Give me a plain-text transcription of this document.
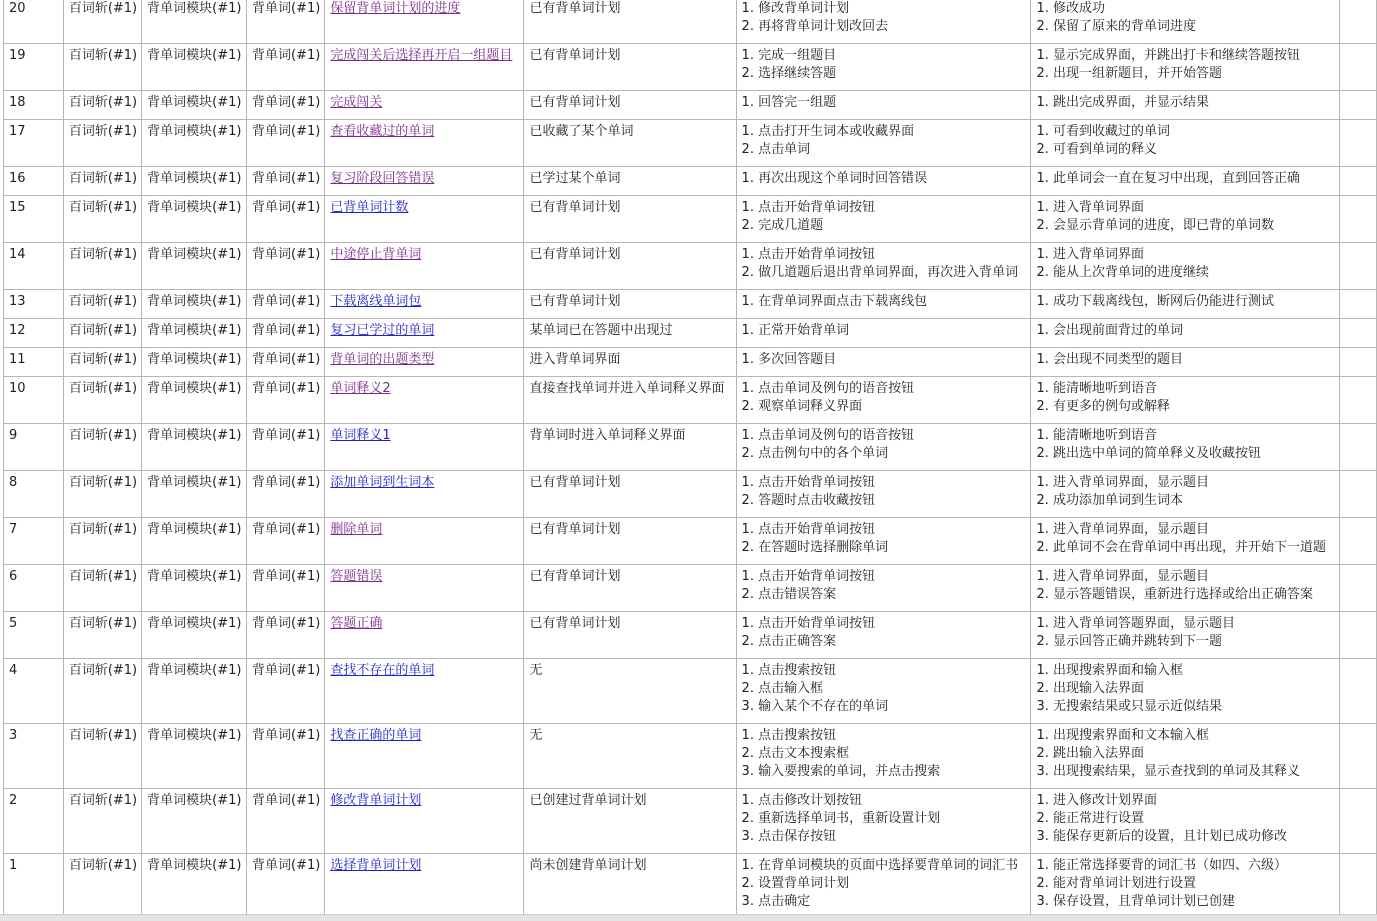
20	百词斩(#1)	背单词模块(#1)	背单词(#1)	保留背单词计划的进度	已有背单词计划	1. 修改背单词计划
2. 再将背单词计划改回去	1. 修改成功
2. 保留了原来的背单词进度	

19	百词斩(#1)	背单词模块(#1)	背单词(#1)	完成闯关后选择再开启一组题目	已有背单词计划	1. 完成一组题目
2. 选择继续答题	1. 显示完成界面，并跳出打卡和继续答题按钮
2. 出现一组新题目，并开始答题	

18	百词斩(#1)	背单词模块(#1)	背单词(#1)	完成闯关	已有背单词计划	1. 回答完一组题	1. 跳出完成界面，并显示结果	

17	百词斩(#1)	背单词模块(#1)	背单词(#1)	查看收藏过的单词	已收藏了某个单词	1. 点击打开生词本或收藏界面
2. 点击单词	1. 可看到收藏过的单词
2. 可看到单词的释义	

16	百词斩(#1)	背单词模块(#1)	背单词(#1)	复习阶段回答错误	已学过某个单词	1. 再次出现这个单词时回答错误	1. 此单词会一直在复习中出现，直到回答正确	

15	百词斩(#1)	背单词模块(#1)	背单词(#1)	已背单词计数	已有背单词计划	1. 点击开始背单词按钮
2. 完成几道题	1. 进入背单词界面
2. 会显示背单词的进度，即已背的单词数	

14	百词斩(#1)	背单词模块(#1)	背单词(#1)	中途停止背单词	已有背单词计划	1. 点击开始背单词按钮
2. 做几道题后退出背单词界面，再次进入背单词	1. 进入背单词界面
2. 能从上次背单词的进度继续	

13	百词斩(#1)	背单词模块(#1)	背单词(#1)	下载离线单词包	已有背单词计划	1. 在背单词界面点击下载离线包	1. 成功下载离线包，断网后仍能进行测试	

12	百词斩(#1)	背单词模块(#1)	背单词(#1)	复习已学过的单词	某单词已在答题中出现过	1. 正常开始背单词	1. 会出现前面背过的单词	

11	百词斩(#1)	背单词模块(#1)	背单词(#1)	背单词的出题类型	进入背单词界面	1. 多次回答题目	1. 会出现不同类型的题目	

10	百词斩(#1)	背单词模块(#1)	背单词(#1)	单词释义2	直接查找单词并进入单词释义界面	1. 点击单词及例句的语音按钮
2. 观察单词释义界面	1. 能清晰地听到语音
2. 有更多的例句或解释	

9	百词斩(#1)	背单词模块(#1)	背单词(#1)	单词释义1	背单词时进入单词释义界面	1. 点击单词及例句的语音按钮
2. 点击例句中的各个单词	1. 能清晰地听到语音
2. 跳出选中单词的简单释义及收藏按钮	

8	百词斩(#1)	背单词模块(#1)	背单词(#1)	添加单词到生词本	已有背单词计划	1. 点击开始背单词按钮
2. 答题时点击收藏按钮	1. 进入背单词界面，显示题目
2. 成功添加单词到生词本	

7	百词斩(#1)	背单词模块(#1)	背单词(#1)	删除单词	已有背单词计划	1. 点击开始背单词按钮
2. 在答题时选择删除单词	1. 进入背单词界面，显示题目
2. 此单词不会在背单词中再出现，并开始下一道题	

6	百词斩(#1)	背单词模块(#1)	背单词(#1)	答题错误	已有背单词计划	1. 点击开始背单词按钮
2. 点击错误答案	1. 进入背单词界面，显示题目
2. 显示答题错误，重新进行选择或给出正确答案	

5	百词斩(#1)	背单词模块(#1)	背单词(#1)	答题正确	已有背单词计划	1. 点击开始背单词按钮
2. 点击正确答案	1. 进入背单词答题界面，显示题目
2. 显示回答正确并跳转到下一题	

4	百词斩(#1)	背单词模块(#1)	背单词(#1)	查找不存在的单词	无	1. 点击搜索按钮
2. 点击输入框
3. 输入某个不存在的单词	1. 出现搜索界面和输入框
2. 出现输入法界面
3. 无搜索结果或只显示近似结果	

3	百词斩(#1)	背单词模块(#1)	背单词(#1)	找查正确的单词	无	1. 点击搜索按钮
2. 点击文本搜索框
3. 输入要搜索的单词，并点击搜索	1. 出现搜索界面和文本输入框
2. 跳出输入法界面
3. 出现搜索结果，显示查找到的单词及其释义	

2	百词斩(#1)	背单词模块(#1)	背单词(#1)	修改背单词计划	已创建过背单词计划	1. 点击修改计划按钮
2. 重新选择单词书，重新设置计划
3. 点击保存按钮	1. 进入修改计划界面
2. 能正常进行设置
3. 能保存更新后的设置，且计划已成功修改	

1	百词斩(#1)	背单词模块(#1)	背单词(#1)	选择背单词计划	尚未创建背单词计划	1. 在背单词模块的页面中选择要背单词的词汇书
2. 设置背单词计划
3. 点击确定	1. 能正常选择要背的词汇书（如四、六级）
2. 能对背单词计划进行设置
3. 保存设置，且背单词计划已创建	
